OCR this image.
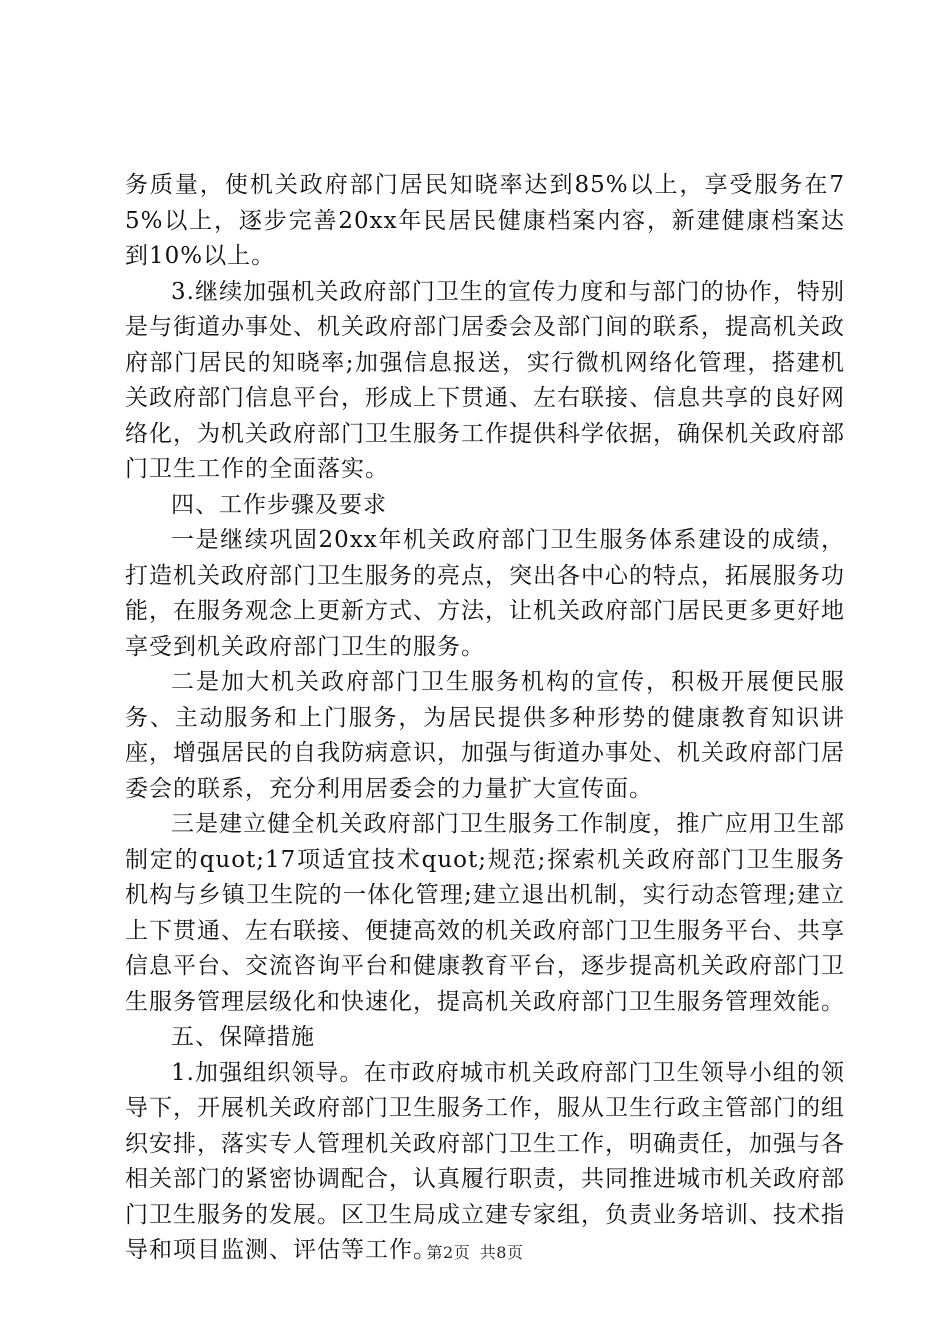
务质量，使机关政府部门居民知晓率达到85%以上，享受服务在75%以上，逐步完善20xx年民居民健康档案内容，新建健康档案达到10%以上。

3.继续加强机关政府部门卫生的宣传力度和与部门的协作，特别是与街道办事处、机关政府部门居委会及部门间的联系，提高机关政府部门居民的知晓率;加强信息报送，实行微机网络化管理，搭建机关政府部门信息平台，形成上下贯通、左右联接、信息共享的良好网络化，为机关政府部门卫生服务工作提供科学依据，确保机关政府部门卫生工作的全面落实。

四、工作步骤及要求

一是继续巩固20xx年机关政府部门卫生服务体系建设的成绩，打造机关政府部门卫生服务的亮点，突出各中心的特点，拓展服务功能，在服务观念上更新方式、方法，让机关政府部门居民更多更好地享受到机关政府部门卫生的服务。

二是加大机关政府部门卫生服务机构的宣传，积极开展便民服务、主动服务和上门服务，为居民提供多种形势的健康教育知识讲座，增强居民的自我防病意识，加强与街道办事处、机关政府部门居委会的联系，充分利用居委会的力量扩大宣传面。

三是建立健全机关政府部门卫生服务工作制度，推广应用卫生部制定的quot;17项适宜技术quot;规范;探索机关政府部门卫生服务机构与乡镇卫生院的一体化管理;建立退出机制，实行动态管理;建立上下贯通、左右联接、便捷高效的机关政府部门卫生服务平台、共享信息平台、交流咨询平台和健康教育平台，逐步提高机关政府部门卫生服务管理层级化和快速化，提高机关政府部门卫生服务管理效能。

五、保障措施

1.加强组织领导。在市政府城市机关政府部门卫生领导小组的领导下，开展机关政府部门卫生服务工作，服从卫生行政主管部门的组织安排，落实专人管理机关政府部门卫生工作，明确责任，加强与各相关部门的紧密协调配合，认真履行职责，共同推进城市机关政府部门卫生服务的发展。区卫生局成立建专家组，负责业务培训、技术指导和项目监测、评估等工作。

第2页 共8页
